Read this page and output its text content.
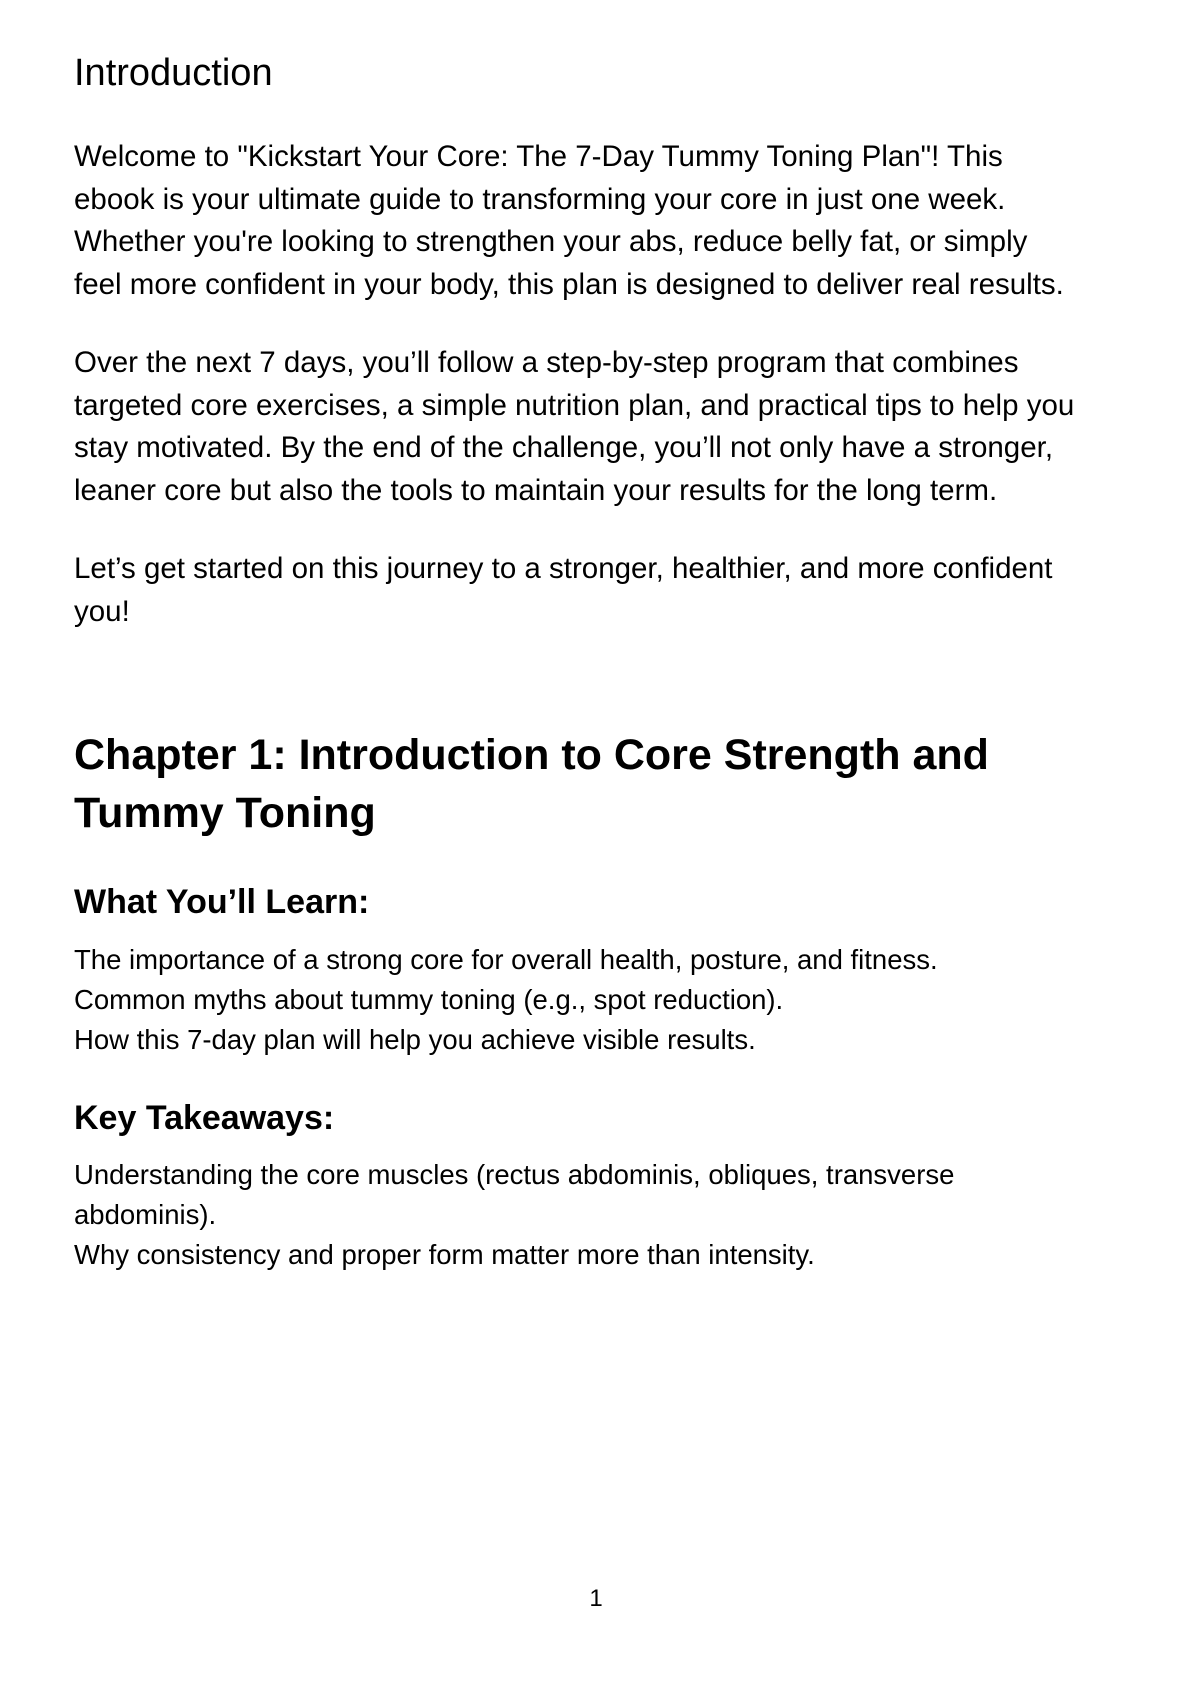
Introduction

Welcome to "Kickstart Your Core: The 7-Day Tummy Toning Plan"! This
ebook is your ultimate guide to transforming your core in just one week.
Whether you're looking to strengthen your abs, reduce belly fat, or simply
feel more confident in your body, this plan is designed to deliver real results.

Over the next 7 days, you’ll follow a step-by-step program that combines
targeted core exercises, a simple nutrition plan, and practical tips to help you
stay motivated. By the end of the challenge, you’ll not only have a stronger,
leaner core but also the tools to maintain your results for the long term.

Let’s get started on this journey to a stronger, healthier, and more confident
you!

Chapter 1: Introduction to Core Strength and
Tummy Toning
What You’ll Learn:
The importance of a strong core for overall health, posture, and fitness.
Common myths about tummy toning (e.g., spot reduction).
How this 7-day plan will help you achieve visible results.
Key Takeaways:
Understanding the core muscles (rectus abdominis, obliques, transverse
abdominis).
Why consistency and proper form matter more than intensity.
1
